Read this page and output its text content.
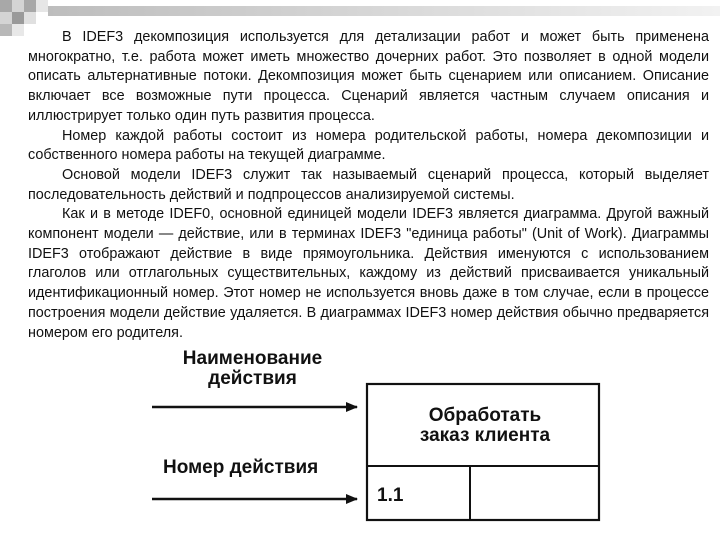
В IDEF3 декомпозиция используется для детализации работ и может быть применена многократно, т.е. работа может иметь множество дочерних работ. Это позволяет в одной модели описать альтернативные потоки. Декомпозиция может быть сценарием или описанием. Описание включает все возможные пути процесса. Сценарий является частным случаем описания и иллюстрирует только один путь развития процесса.

Номер каждой работы состоит из номера родительской работы, номера декомпозиции и собственного номера работы на текущей диаграмме.

Основой модели IDEF3 служит так называемый сценарий процесса, который выделяет последовательность действий и подпроцессов анализируемой системы.

Как и в методе IDEF0, основной единицей модели IDEF3 является диаграмма. Другой важный компонент модели — действие, или в терминах IDEF3 "единица работы" (Unit of Work). Диаграммы IDEF3 отображают действие в виде прямоугольника. Действия именуются с использованием глаголов или отглагольных существительных, каждому из действий присваивается уникальный идентификационный номер. Этот номер не используется вновь даже в том случае, если в процессе построения модели действие удаляется. В диаграммах IDEF3 номер действия обычно предваряется номером его родителя.

Наименование
действия
Номер действия
Обработать
заказ клиента
1.1
